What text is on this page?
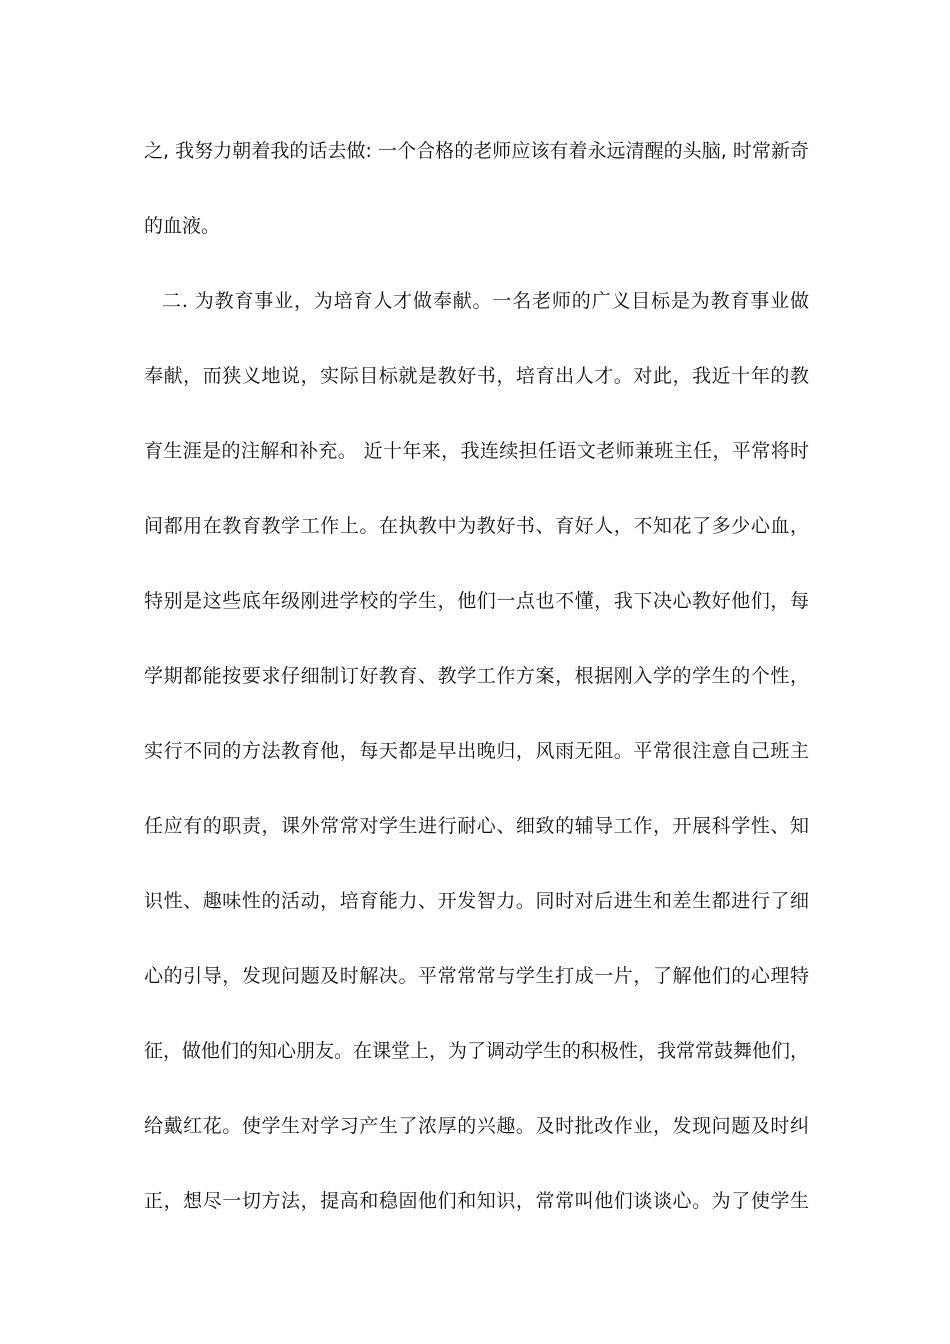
之, 我努力朝着我的话去做: 一个合格的老师应该有着永远清醒的头脑, 时常新奇
的血液。
二. 为教育事业，为培育人才做奉献。一名老师的广义目标是为教育事业做
奉献，而狭义地说，实际目标就是教好书，培育出人才。对此，我近十年的教
育生涯是的注解和补充。 近十年来，我连续担任语文老师兼班主任，平常将时
间都用在教育教学工作上。在执教中为教好书、育好人，不知花了多少心血，
特别是这些底年级刚进学校的学生，他们一点也不懂，我下决心教好他们，每
学期都能按要求仔细制订好教育、教学工作方案，根据刚入学的学生的个性，
实行不同的方法教育他，每天都是早出晚归，风雨无阻。平常很注意自己班主
任应有的职责，课外常常对学生进行耐心、细致的辅导工作，开展科学性、知
识性、趣味性的活动，培育能力、开发智力。同时对后进生和差生都进行了细
心的引导，发现问题及时解决。平常常常与学生打成一片，了解他们的心理特
征，做他们的知心朋友。在课堂上，为了调动学生的积极性，我常常鼓舞他们，
给戴红花。使学生对学习产生了浓厚的兴趣。及时批改作业，发现问题及时纠
正，想尽一切方法，提高和稳固他们和知识，常常叫他们谈谈心。为了使学生
